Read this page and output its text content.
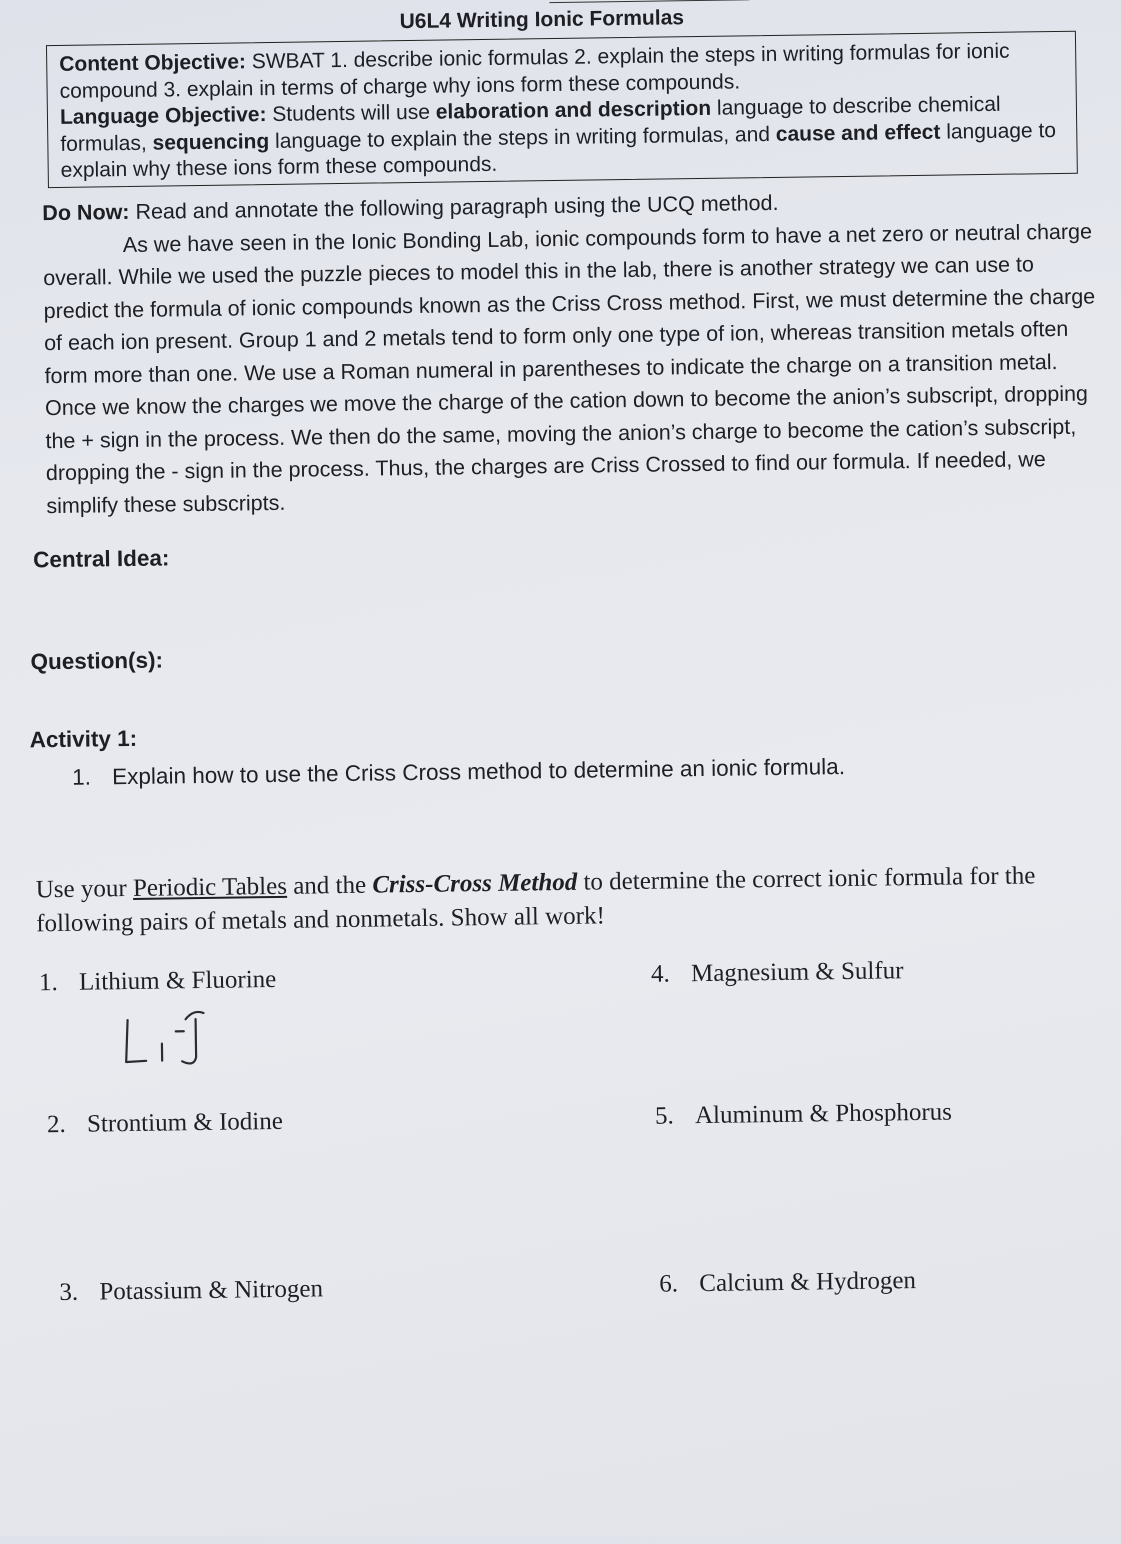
U6L4 Writing Ionic Formulas

Content Objective: SWBAT 1. describe ionic formulas 2. explain the steps in writing formulas for ionic compound 3. explain in terms of charge why ions form these compounds.

Language Objective: Students will use elaboration and description language to describe chemical formulas, sequencing language to explain the steps in writing formulas, and cause and effect language to explain why these ions form these compounds.

Do Now: Read and annotate the following paragraph using the UCQ method.

As we have seen in the Ionic Bonding Lab, ionic compounds form to have a net zero or neutral charge overall. While we used the puzzle pieces to model this in the lab, there is another strategy we can use to predict the formula of ionic compounds known as the Criss Cross method. First, we must determine the charge of each ion present. Group 1 and 2 metals tend to form only one type of ion, whereas transition metals often form more than one. We use a Roman numeral in parentheses to indicate the charge on a transition metal. Once we know the charges we move the charge of the cation down to become the anion’s subscript, dropping the + sign in the process. We then do the same, moving the anion’s charge to become the cation’s subscript, dropping the - sign in the process. Thus, the charges are Criss Crossed to find our formula. If needed, we simplify these subscripts.

Central Idea:
Question(s):
Activity 1:
1. Explain how to use the Criss Cross method to determine an ionic formula.
Use your Periodic Tables and the Criss-Cross Method to determine the correct ionic formula for the following pairs of metals and nonmetals. Show all work!
1. Lithium & Fluorine
2. Strontium & Iodine
3. Potassium & Nitrogen
4. Magnesium & Sulfur
5. Aluminum & Phosphorus
6. Calcium & Hydrogen
